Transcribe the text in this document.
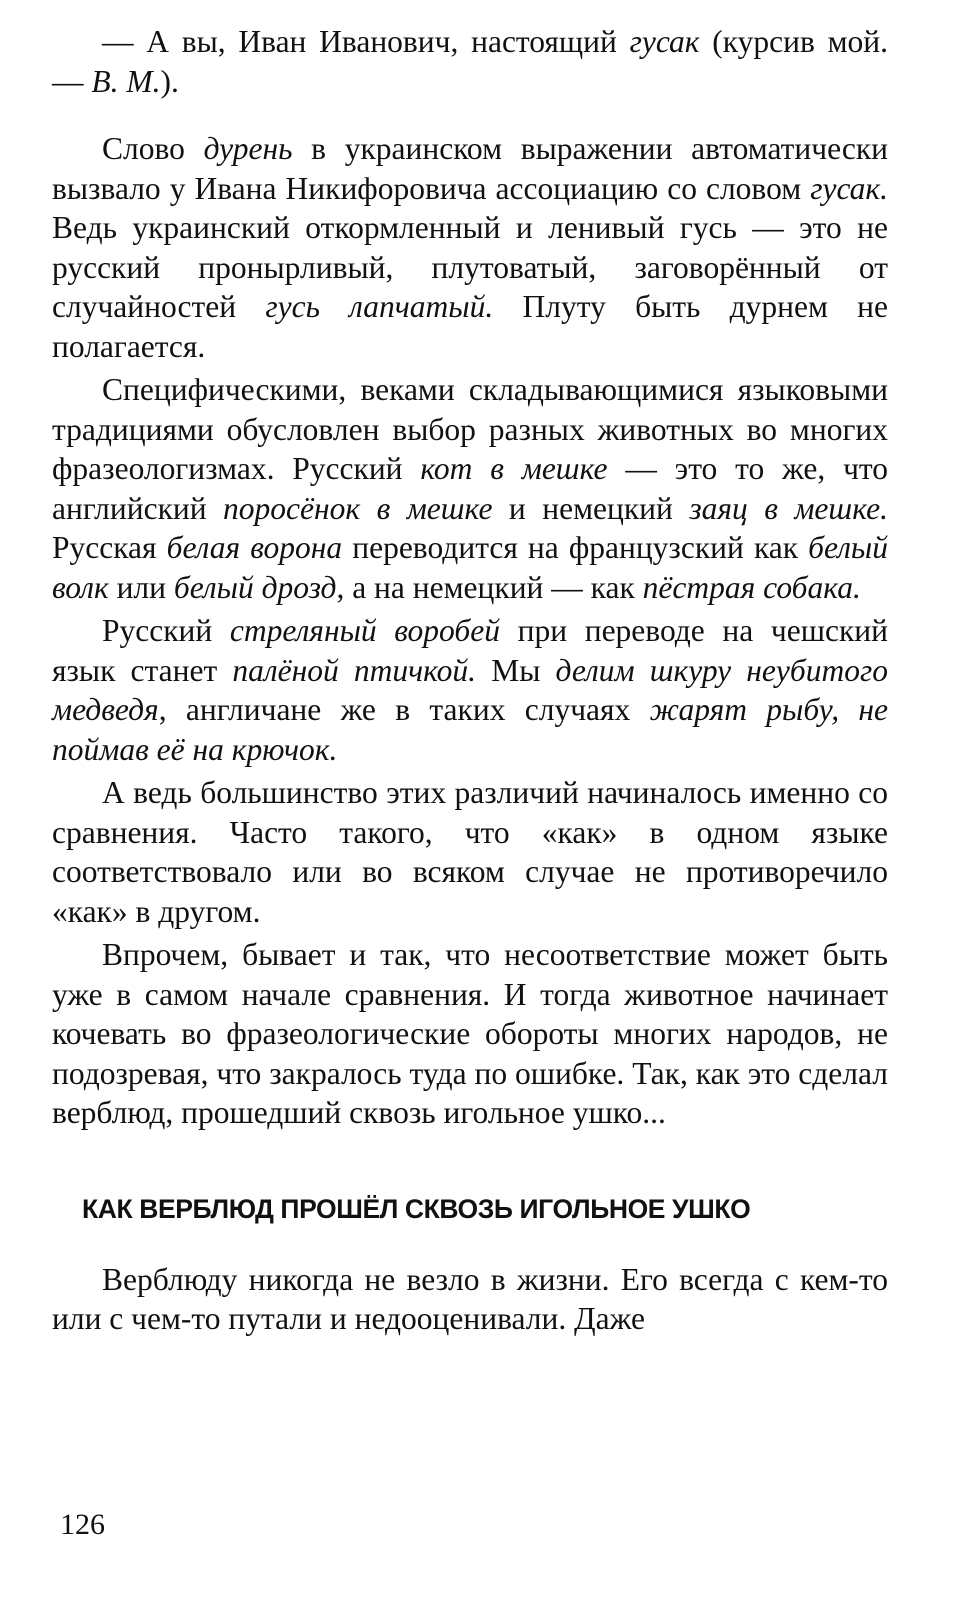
— А вы, Иван Иванович, настоящий гусак (курсив мой. — В. М.).

Слово дурень в украинском выражении автоматически вызвало у Ивана Никифоровича ассоциацию со словом гусак. Ведь украинский откормленный и ленивый гусь — это не русский пронырливый, плутоватый, заговорённый от случайностей гусь лапчатый. Плуту быть дурнем не полагается.

Специфическими, веками складывающимися языковыми традициями обусловлен выбор разных животных во многих фразеологизмах. Русский кот в мешке — это то же, что английский поросёнок в мешке и немецкий заяц в мешке. Русская белая ворона переводится на французский как белый волк или белый дрозд, а на немецкий — как пёстрая собака.

Русский стреляный воробей при переводе на чешский язык станет палёной птичкой. Мы делим шкуру неубитого медведя, англичане же в таких случаях жарят рыбу, не поймав её на крючок.

А ведь большинство этих различий начиналось именно со сравнения. Часто такого, что «как» в одном языке соответствовало или во всяком случае не противоречило «как» в другом.

Впрочем, бывает и так, что несоответствие может быть уже в самом начале сравнения. И тогда животное начинает кочевать во фразеологические обороты многих народов, не подозревая, что закралось туда по ошибке. Так, как это сделал верблюд, прошедший сквозь игольное ушко...

КАК ВЕРБЛЮД ПРОШЁЛ СКВОЗЬ ИГОЛЬНОЕ УШКО

Верблюду никогда не везло в жизни. Его всегда с кем-то или с чем-то путали и недооценивали. Даже

126
